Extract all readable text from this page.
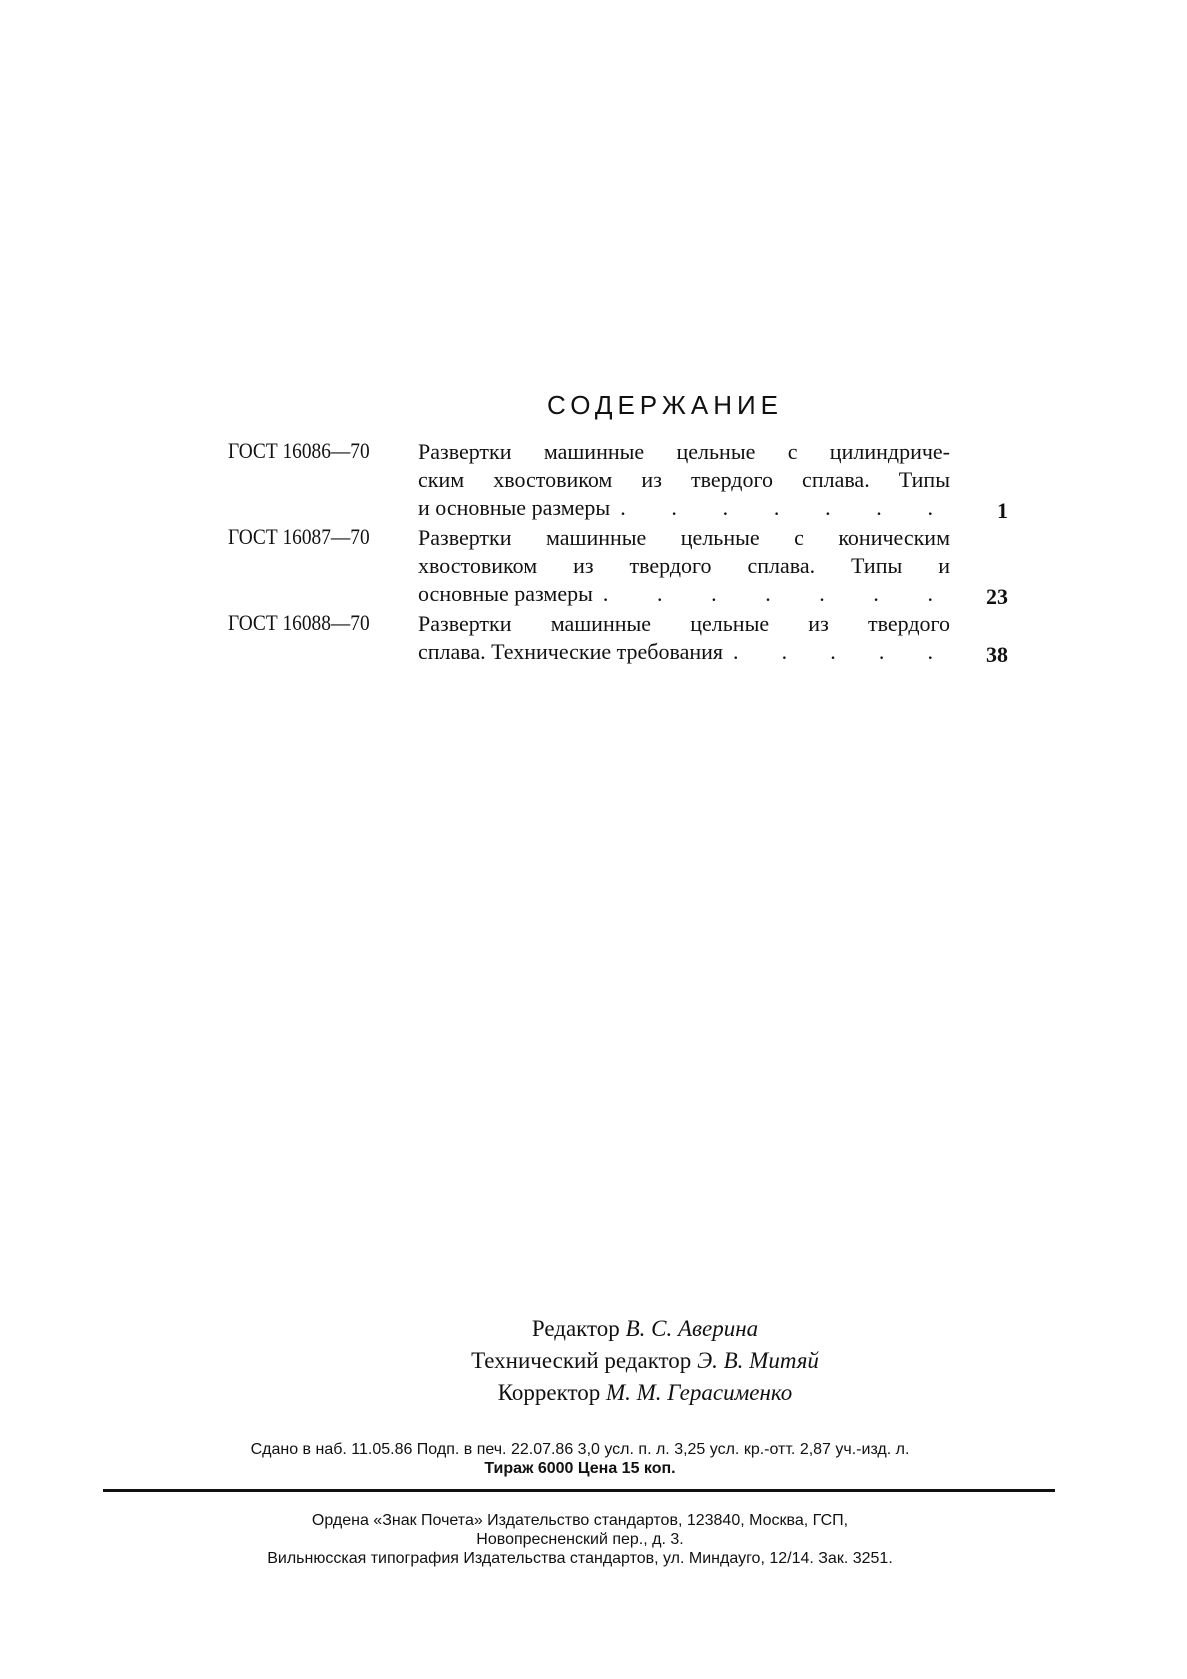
СОДЕРЖАНИЕ
ГОСТ 16086—70 Развертки машинные цельные с цилиндриче-
ским хвостовиком из твердого сплава. Типы
и основные размеры . . . . . . .	1
ГОСТ 16087—70 Развертки машинные цельные с коническим
хвостовиком из твердого сплава. Типы и
основные размеры . . . . . . .	23
ГОСТ 16088—70 Развертки машинные цельные из твердого
сплава. Технические требования . . . . .	38
Редактор В. С. Аверина
Технический редактор Э. В. Митяй
Корректор М. М. Герасименко
Сдано в наб. 11.05.86 Подп. в печ. 22.07.86 3,0 усл. п. л. 3,25 усл. кр.-отт. 2,87 уч.-изд. л.
Тираж 6000 Цена 15 коп.
Ордена «Знак Почета» Издательство стандартов, 123840, Москва, ГСП,
Новопресненский пер., д. 3.
Вильнюсская типография Издательства стандартов, ул. Миндауго, 12/14. Зак. 3251.
